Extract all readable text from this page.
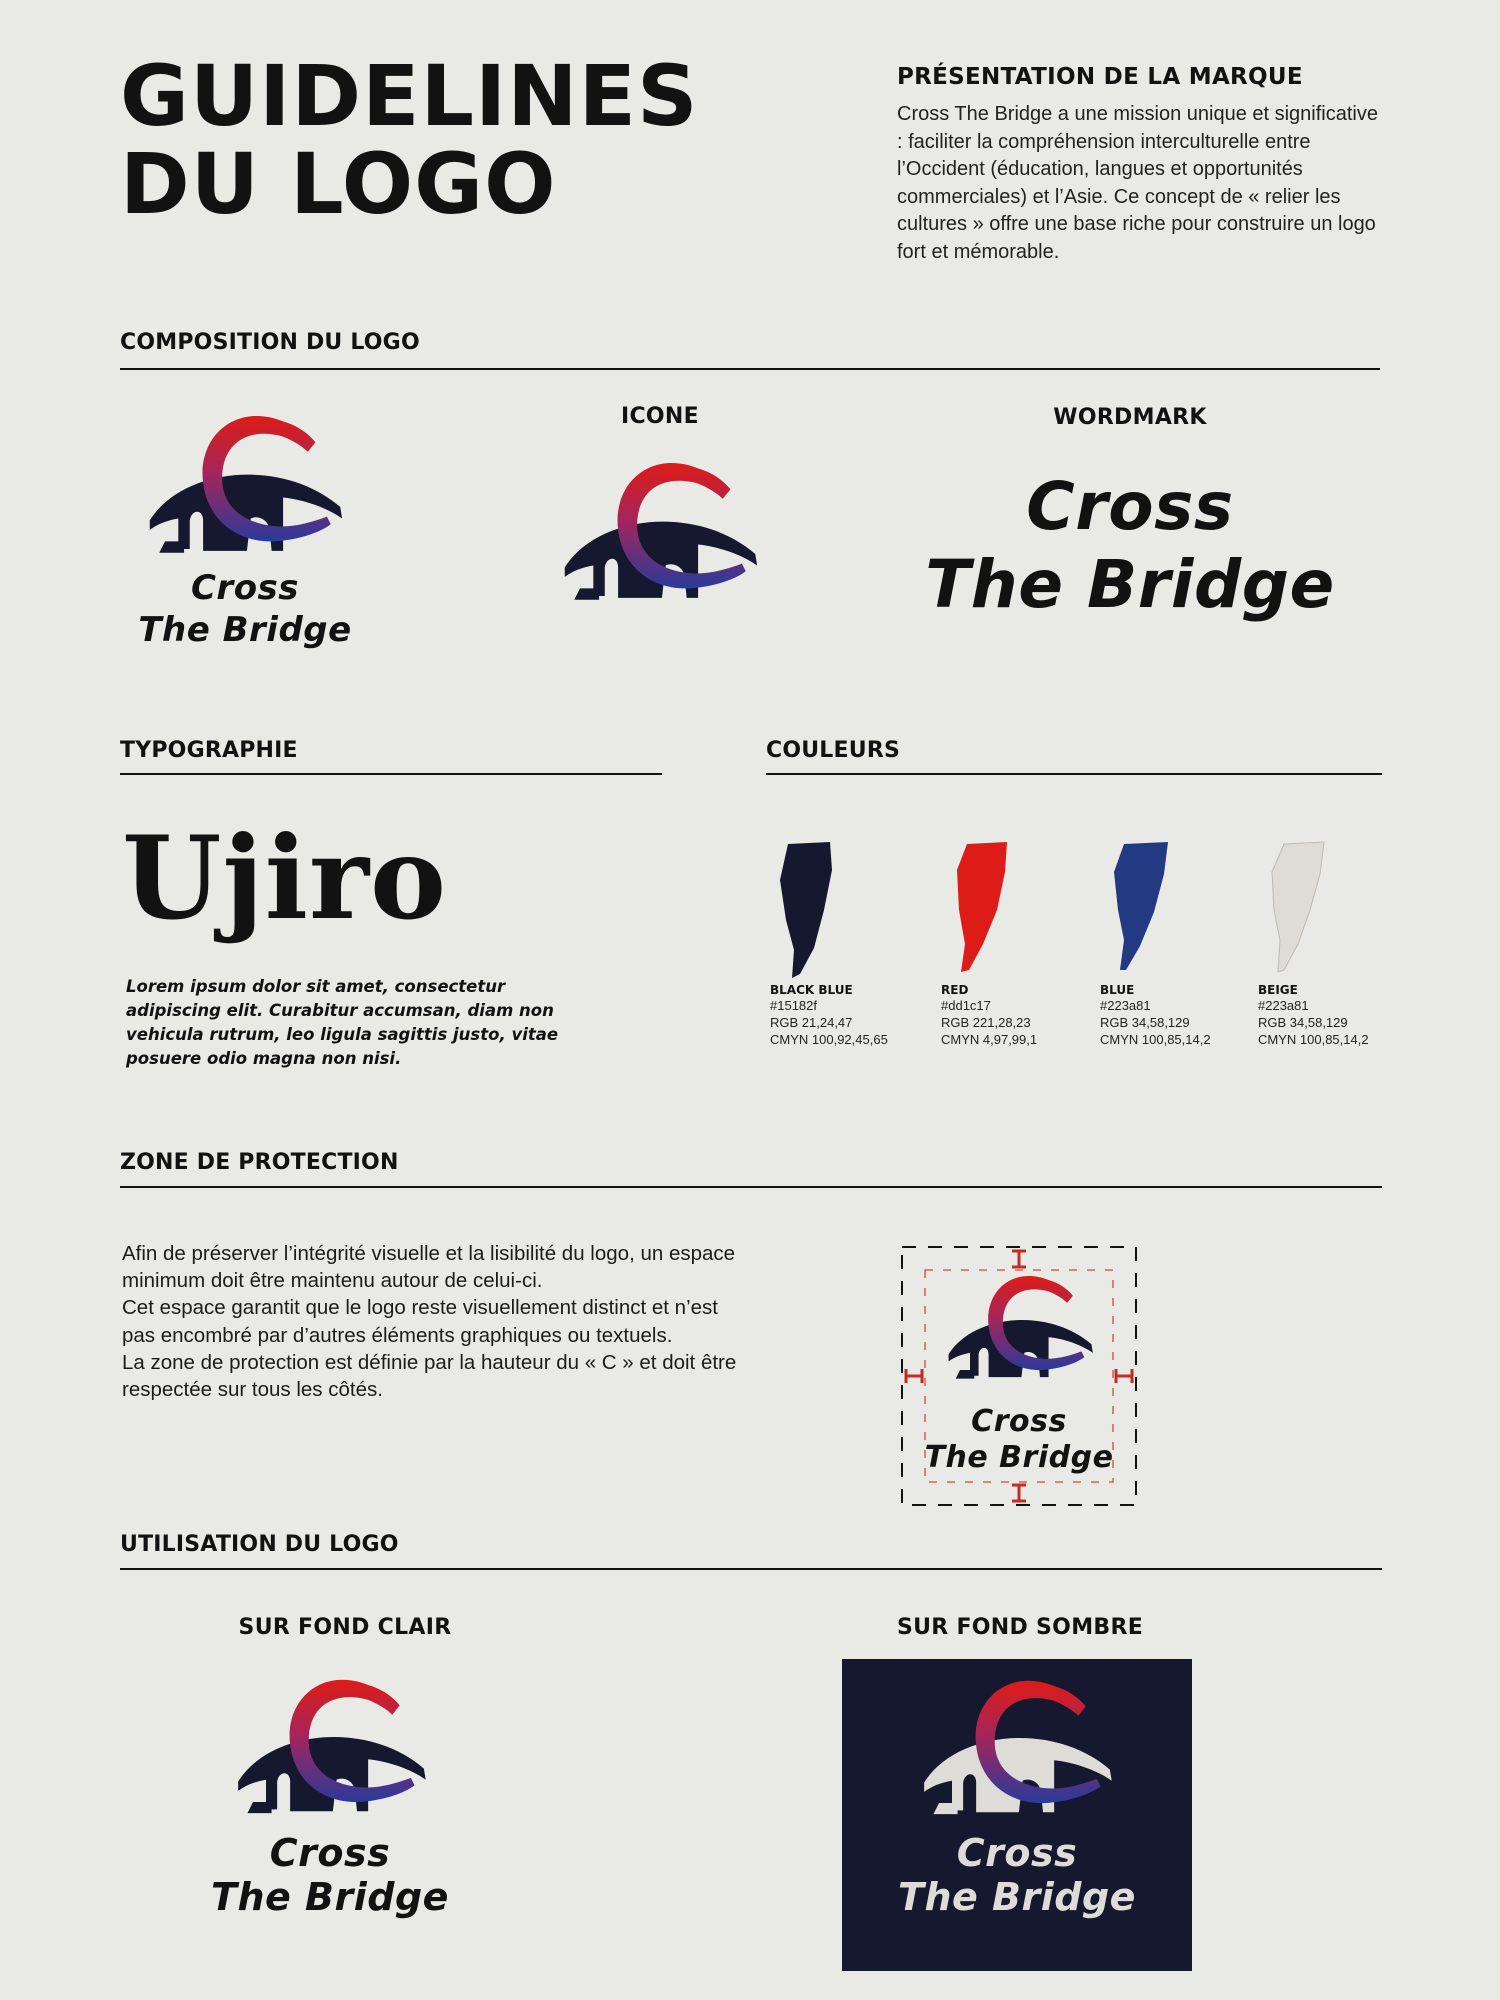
GUIDELINES DU LOGO
PRÉSENTATION DE LA MARQUE
Cross The Bridge a une mission unique et significative : faciliter la compréhension interculturelle entre l’Occident (éducation, langues et opportunités commerciales) et l’Asie. Ce concept de « relier les cultures » offre une base riche pour construire un logo fort et mémorable.
COMPOSITION DU LOGO
Cross
The Bridge
ICONE	WORDMARK
Cross
The Bridge
TYPOGRAPHIE
Ujiro
Lorem ipsum dolor sit amet, consectetur adipiscing elit. Curabitur accumsan, diam non vehicula rutrum, leo ligula sagittis justo, vitae posuere odio magna non nisi.
COULEURS
BLACK BLUE
#15182f
RGB 21,24,47
CMYN 100,92,45,65
RED
#dd1c17
RGB 221,28,23
CMYN 4,97,99,1
BLUE
#223a81
RGB 34,58,129
CMYN 100,85,14,2
BEIGE
#223a81
RGB 34,58,129
CMYN 100,85,14,2
ZONE DE PROTECTION
Afin de préserver l’intégrité visuelle et la lisibilité du logo, un espace minimum doit être maintenu autour de celui-ci.
Cet espace garantit que le logo reste visuellement distinct et n’est pas encombré par d’autres éléments graphiques ou textuels.
La zone de protection est définie par la hauteur du « C » et doit être respectée sur tous les côtés.
Cross
The Bridge
UTILISATION DU LOGO
SUR FOND CLAIR
Cross
The Bridge
SUR FOND SOMBRE
Cross
The Bridge
